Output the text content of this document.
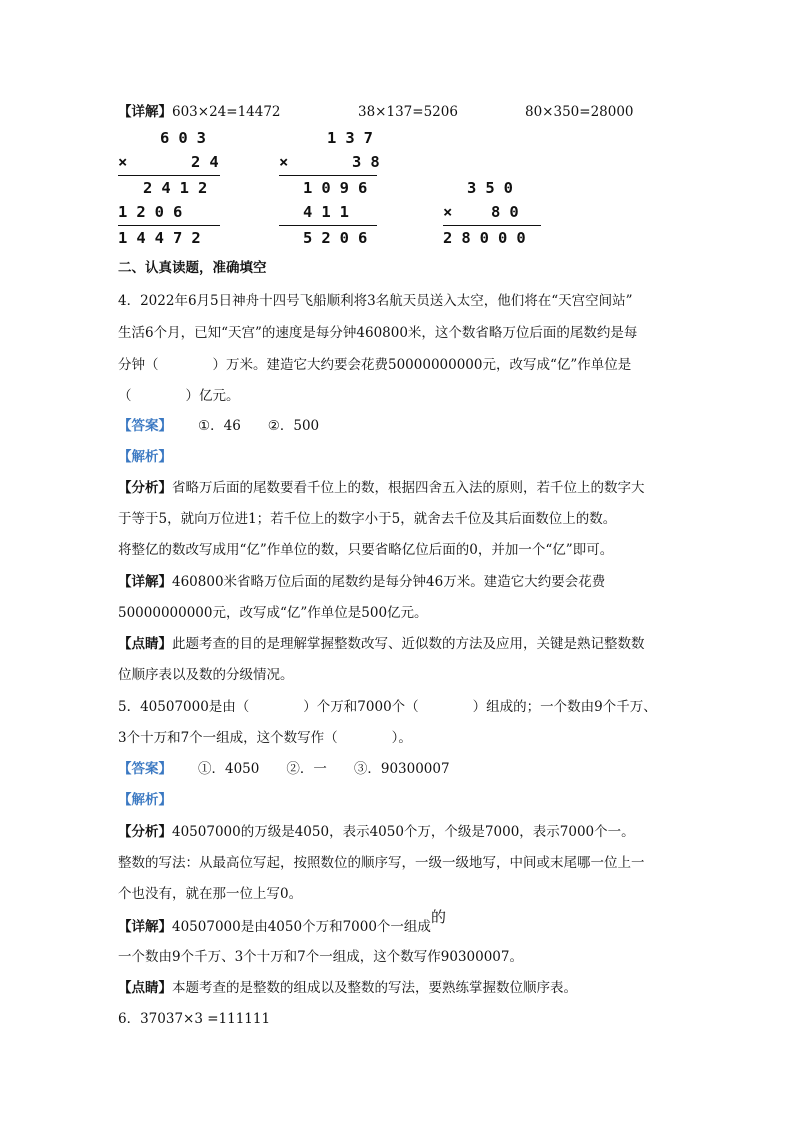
【详解】603×24=14472	38×137=5206	80×350=28000
603
×	24
2412
1206
14472
137
×	38
1096
411
5206
350
× 80
28000
二、认真读题，准确填空
4．2022年6月5日神舟十四号飞船顺利将3名航天员送入太空，他们将在“天宫空间站”
生活6个月，已知“天宫”的速度是每分钟460800米，这个数省略万位后面的尾数约是每
分钟（　　　　）万米。建造它大约要会花费50000000000元，改写成“亿”作单位是
（　　　　）亿元。
【答案】 ①．46　　②．500
【解析】
【分析】省略万后面的尾数要看千位上的数，根据四舍五入法的原则，若千位上的数字大
于等于5，就向万位进1；若千位上的数字小于5，就舍去千位及其后面数位上的数。
将整亿的数改写成用“亿”作单位的数，只要省略亿位后面的0，并加一个“亿”即可。
【详解】460800米省略万位后面的尾数约是每分钟46万米。建造它大约要会花费
50000000000元，改写成“亿”作单位是500亿元。
【点睛】此题考查的目的是理解掌握整数改写、近似数的方法及应用，关键是熟记整数数
位顺序表以及数的分级情况。
5．40507000是由（　　　　）个万和7000个（　　　　）组成的；一个数由9个千万、
3个十万和7个一组成，这个数写作（　　　　）。
【答案】 ①．4050　　②．一　　③．90300007
【解析】
【分析】40507000的万级是4050，表示4050个万，个级是7000，表示7000个一。
整数的写法：从最高位写起，按照数位的顺序写，一级一级地写，中间或末尾哪一位上一
个也没有，就在那一位上写0。
【详解】40507000是由4050个万和7000个一组成的
一个数由9个千万、3个十万和7个一组成，这个数写作90300007。
【点睛】本题考查的是整数的组成以及整数的写法，要熟练掌握数位顺序表。
6．37037×3 =111111
